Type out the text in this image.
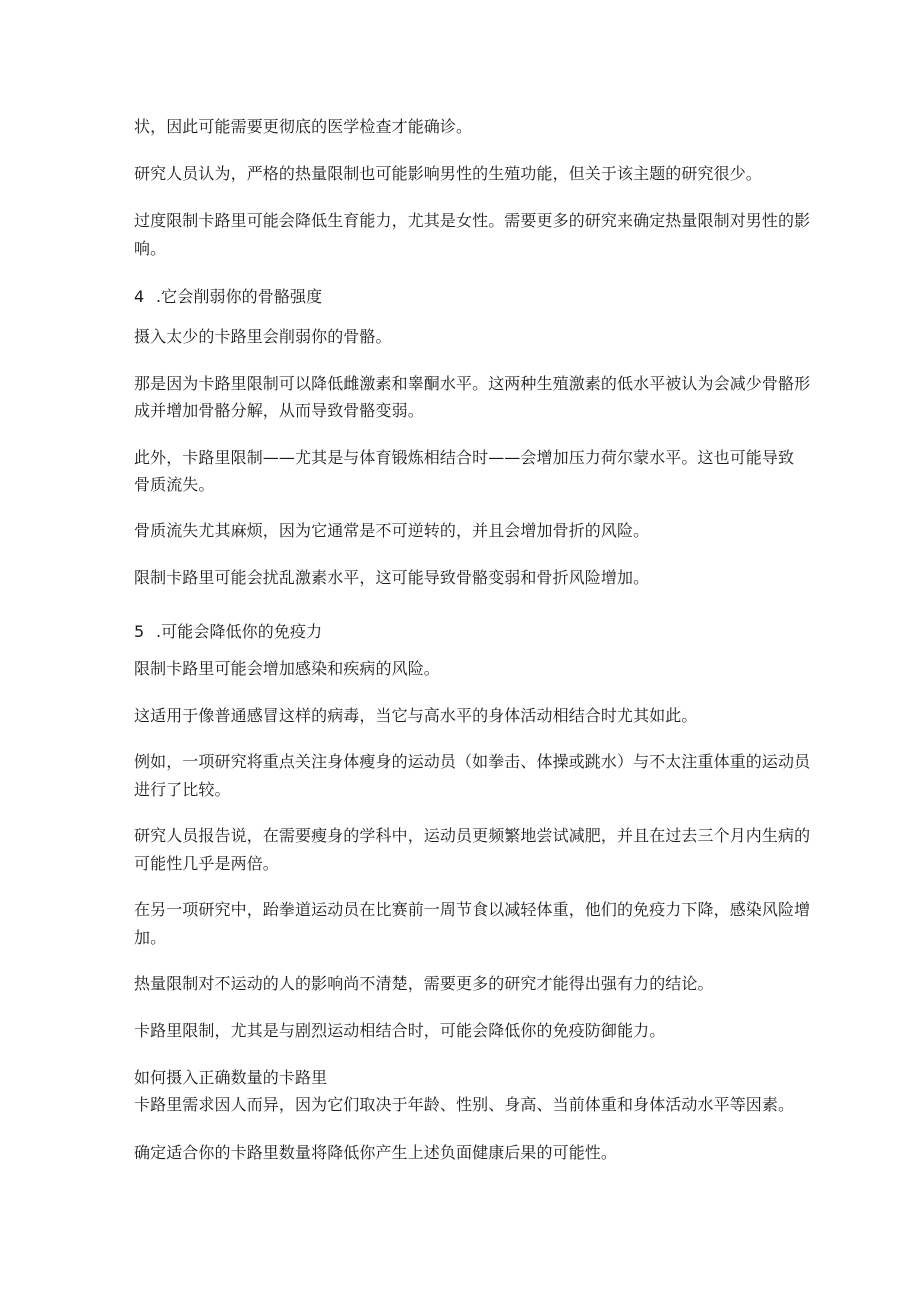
状，因此可能需要更彻底的医学检查才能确诊。
研究人员认为，严格的热量限制也可能影响男性的生殖功能，但关于该主题的研究很少。
过度限制卡路里可能会降低生育能力，尤其是女性。需要更多的研究来确定热量限制对男性的影
响。
4 .它会削弱你的骨骼强度
摄入太少的卡路里会削弱你的骨骼。
那是因为卡路里限制可以降低雌激素和睾酮水平。这两种生殖激素的低水平被认为会减少骨骼形
成并增加骨骼分解，从而导致骨骼变弱。
此外，卡路里限制——尤其是与体育锻炼相结合时——会增加压力荷尔蒙水平。这也可能导致
骨质流失。
骨质流失尤其麻烦，因为它通常是不可逆转的，并且会增加骨折的风险。
限制卡路里可能会扰乱激素水平，这可能导致骨骼变弱和骨折风险增加。
5 .可能会降低你的免疫力
限制卡路里可能会增加感染和疾病的风险。
这适用于像普通感冒这样的病毒，当它与高水平的身体活动相结合时尤其如此。
例如，一项研究将重点关注身体瘦身的运动员（如拳击、体操或跳水）与不太注重体重的运动员
进行了比较。
研究人员报告说，在需要瘦身的学科中，运动员更频繁地尝试减肥，并且在过去三个月内生病的
可能性几乎是两倍。
在另一项研究中，跆拳道运动员在比赛前一周节食以减轻体重，他们的免疫力下降，感染风险增
加。
热量限制对不运动的人的影响尚不清楚，需要更多的研究才能得出强有力的结论。
卡路里限制，尤其是与剧烈运动相结合时，可能会降低你的免疫防御能力。
如何摄入正确数量的卡路里
卡路里需求因人而异，因为它们取决于年龄、性别、身高、当前体重和身体活动水平等因素。
确定适合你的卡路里数量将降低你产生上述负面健康后果的可能性。
